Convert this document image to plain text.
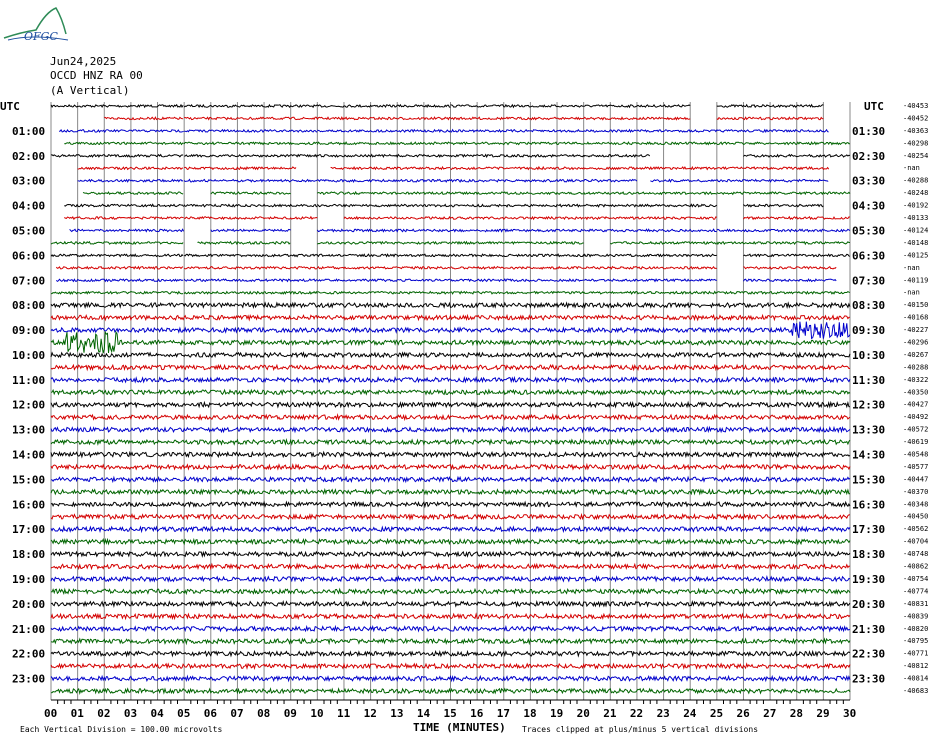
OFGC
Jun24,2025
OCCD HNZ RA 00
(A Vertical)
00 01 02 03 04 05 06 07 08 09 10 11 12 13 14 15 16 17 18 19 20 21 22 23 24 25 26 27 28 29 30
01:00
02:00
03:00
04:00
05:00
06:00
07:00
08:00
09:00
10:00
11:00
12:00
13:00
14:00
15:00
16:00
17:00
18:00
19:00
20:00
21:00
22:00
23:00
01:30
02:30
03:30
04:30
05:30
06:30
07:30
08:30
09:30
10:30
11:30
12:30
13:30
14:30
15:30
16:30
17:30
18:30
19:30
20:30
21:30
22:30
23:30
-40453
-40452
-40363
-40298
-40254
-nan
-40288
-40248
-40192
-40133
-40124
-40148
-40125
-nan
-40119
-nan
-40150
-40168
-40227
-40296
-40267
-40288
-40322
-40350
-40427
-40492
-40572
-40619
-40548
-40577
-40447
-40370
-40348
-40450
-40562
-40704
-40748
-40862
-40754
-40774
-40831
-40839
-40820
-40795
-40771
-40812
-40814
-40683
UTC	UTC
TIME (MINUTES)
Each Vertical Division = 100.00 microvolts	Traces clipped at plus/minus 5 vertical divisions
